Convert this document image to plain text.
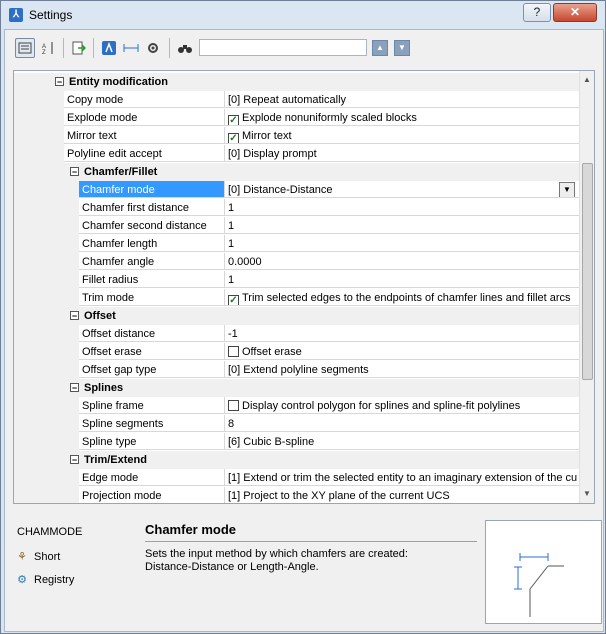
⅄ Settings	?	✕
A
Z
▲	▼
− Entity modification
Copy mode	[0] Repeat automatically
Explode mode	✓ Explode nonuniformly scaled blocks
Mirror text	✓ Mirror text
Polyline edit accept	[0] Display prompt
− Chamfer/Fillet
Chamfer mode	[0] Distance-Distance	▼
Chamfer first distance	1
Chamfer second distance	1
Chamfer length	1
Chamfer angle	0.0000
Fillet radius	1
Trim mode	✓ Trim selected edges to the endpoints of chamfer lines and fillet arcs
− Offset
Offset distance	-1
Offset erase	Offset erase
Offset gap type	[0] Extend polyline segments
− Splines
Spline frame	Display control polygon for splines and spline-fit polylines
Spline segments	8
Spline type	[6] Cubic B-spline
− Trim/Extend
Edge mode	[1] Extend or trim the selected entity to an imaginary extension of the cu
Projection mode	[1] Project to the XY plane of the current UCS
▲
▼
CHAMMODE
⚘ Short
⚙ Registry
Chamfer mode
Sets the input method by which chamfers are created:
Distance-Distance or Length-Angle.
